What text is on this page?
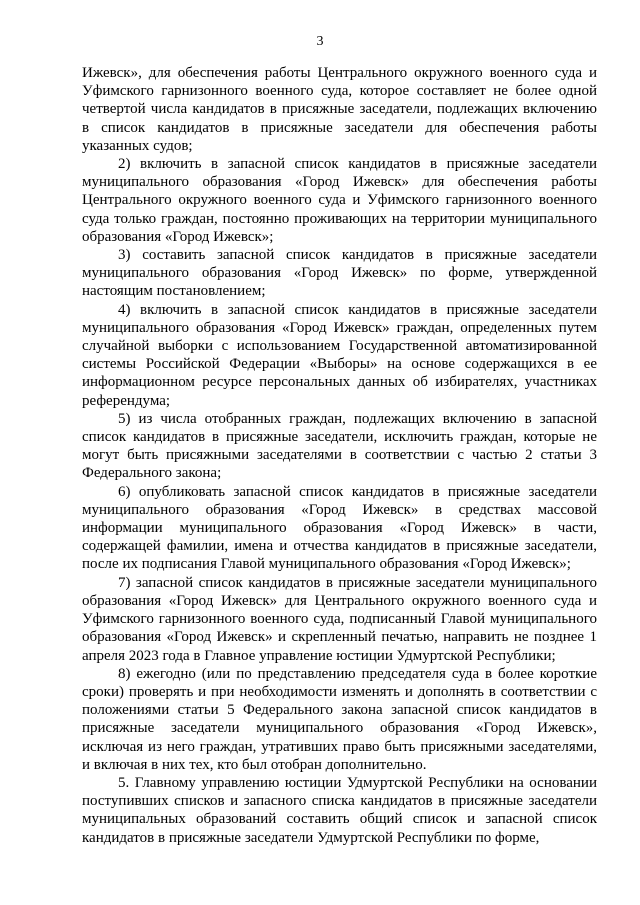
3

Ижевск», для обеспечения работы Центрального окружного военного суда и Уфимского гарнизонного военного суда, которое составляет не более одной четвертой числа кандидатов в присяжные заседатели, подлежащих включению в список кандидатов в присяжные заседатели для обеспечения работы указанных судов;

2) включить в запасной список кандидатов в присяжные заседатели муниципального образования «Город Ижевск» для обеспечения работы Центрального окружного военного суда и Уфимского гарнизонного военного суда только граждан, постоянно проживающих на территории муниципального образования «Город Ижевск»;

3) составить запасной список кандидатов в присяжные заседатели муниципального образования «Город Ижевск» по форме, утвержденной настоящим постановлением;

4) включить в запасной список кандидатов в присяжные заседатели муниципального образования «Город Ижевск» граждан, определенных путем случайной выборки с использованием Государственной автоматизированной системы Российской Федерации «Выборы» на основе содержащихся в ее информационном ресурсе персональных данных об избирателях, участниках референдума;

5) из числа отобранных граждан, подлежащих включению в запасной список кандидатов в присяжные заседатели, исключить граждан, которые не могут быть присяжными заседателями в соответствии с частью 2 статьи 3 Федерального закона;

6) опубликовать запасной список кандидатов в присяжные заседатели муниципального образования «Город Ижевск» в средствах массовой информации муниципального образования «Город Ижевск» в части, содержащей фамилии, имена и отчества кандидатов в присяжные заседатели, после их подписания Главой муниципального образования «Город Ижевск»;

7) запасной список кандидатов в присяжные заседатели муниципального образования «Город Ижевск» для Центрального окружного военного суда и Уфимского гарнизонного военного суда, подписанный Главой муниципального образования «Город Ижевск» и скрепленный печатью, направить не позднее 1 апреля 2023 года в Главное управление юстиции Удмуртской Республики;

8) ежегодно (или по представлению председателя суда в более короткие сроки) проверять и при необходимости изменять и дополнять в соответствии с положениями статьи 5 Федерального закона запасной список кандидатов в присяжные заседатели муниципального образования «Город Ижевск», исключая из него граждан, утративших право быть присяжными заседателями, и включая в них тех, кто был отобран дополнительно.

5. Главному управлению юстиции Удмуртской Республики на основании поступивших списков и запасного списка кандидатов в присяжные заседатели муниципальных образований составить общий список и запасной список кандидатов в присяжные заседатели Удмуртской Республики по форме,
